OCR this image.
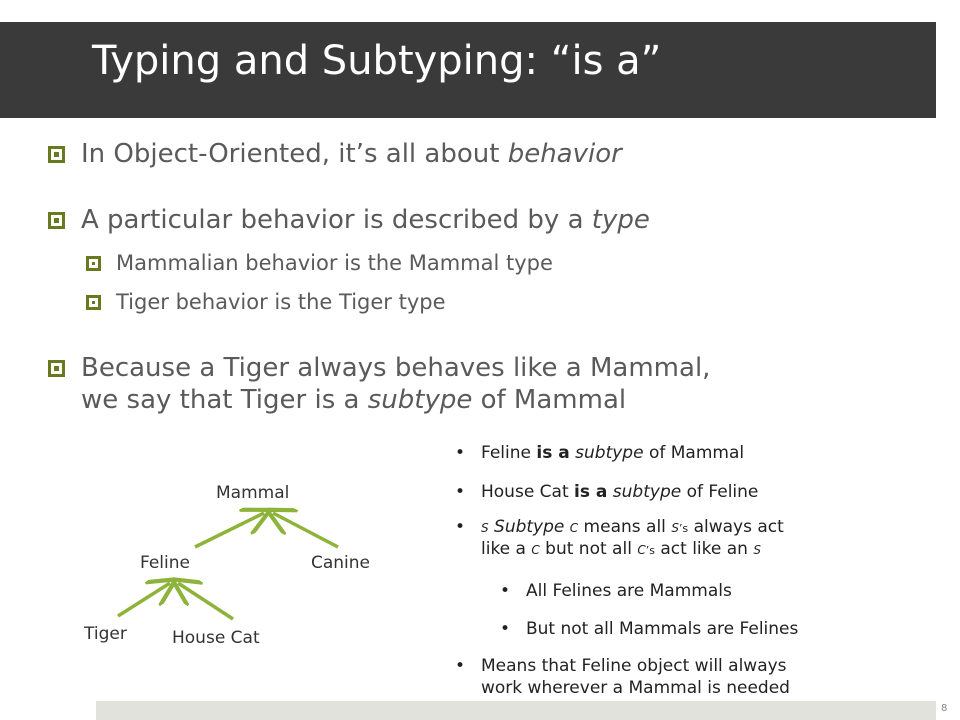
Typing and Subtyping: “is a”
In Object-Oriented, it’s all about behavior
A particular behavior is described by a type
Mammalian behavior is the Mammal type
Tiger behavior is the Tiger type
Because a Tiger always behaves like a Mammal,
we say that Tiger is a subtype of Mammal
Mammal
Feline	Canine
Tiger	House Cat
• Feline is a subtype of Mammal
• House Cat is a subtype of Feline
• s Subtype c means all s’s always act
like a c but not all c’s act like an s
• All Felines are Mammals
• But not all Mammals are Felines
• Means that Feline object will always
work wherever a Mammal is needed
8
